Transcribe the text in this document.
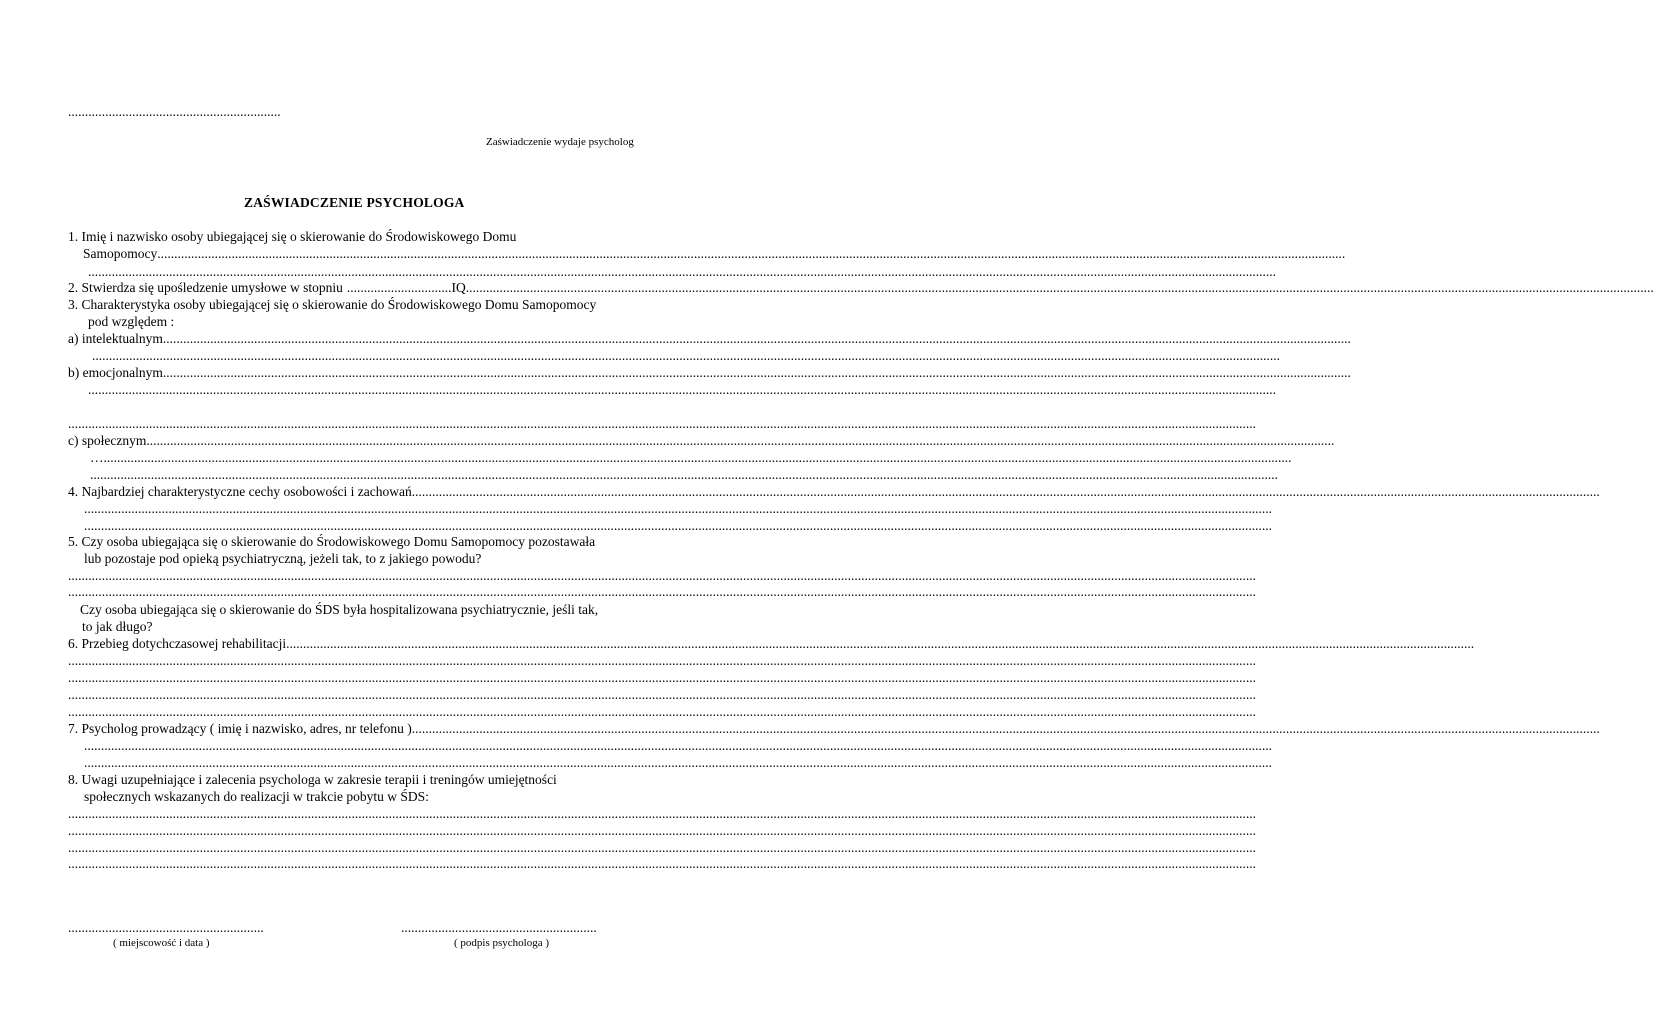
...............................................................
Zaświadczenie wydaje psycholog
ZAŚWIADCZENIE PSYCHOLOGA
1. Imię i nazwisko osoby ubiegającej się o skierowanie do Środowiskowego Domu
Samopomocy ................................................................................................................................................................................................................................................................................................................................................................
................................................................................................................................................................................................................................................................................................................................................................
2. Stwierdza się upośledzenie umysłowe w stopniu ............................... IQ ................................................................................................................................................................................................................................................................................................................................................................
3. Charakterystyka osoby ubiegającej się o skierowanie do Środowiskowego Domu Samopomocy
pod względem :
a) intelektualnym ................................................................................................................................................................................................................................................................................................................................................................
................................................................................................................................................................................................................................................................................................................................................................
b) emocjonalnym ................................................................................................................................................................................................................................................................................................................................................................
................................................................................................................................................................................................................................................................................................................................................................
................................................................................................................................................................................................................................................................................................................................................................
c) społecznym ................................................................................................................................................................................................................................................................................................................................................................
… ................................................................................................................................................................................................................................................................................................................................................................
................................................................................................................................................................................................................................................................................................................................................................
4. Najbardziej charakterystyczne cechy osobowości i zachowań ................................................................................................................................................................................................................................................................................................................................................................
................................................................................................................................................................................................................................................................................................................................................................
................................................................................................................................................................................................................................................................................................................................................................
5. Czy osoba ubiegająca się o skierowanie do Środowiskowego Domu Samopomocy pozostawała
lub pozostaje pod opieką psychiatryczną, jeżeli tak, to z jakiego powodu?
................................................................................................................................................................................................................................................................................................................................................................
................................................................................................................................................................................................................................................................................................................................................................
Czy osoba ubiegająca się o skierowanie do ŚDS była hospitalizowana psychiatrycznie, jeśli tak,
to jak długo?
6. Przebieg dotychczasowej rehabilitacji ................................................................................................................................................................................................................................................................................................................................................................
................................................................................................................................................................................................................................................................................................................................................................
................................................................................................................................................................................................................................................................................................................................................................
................................................................................................................................................................................................................................................................................................................................................................
................................................................................................................................................................................................................................................................................................................................................................
7. Psycholog prowadzący ( imię i nazwisko, adres, nr telefonu ) ................................................................................................................................................................................................................................................................................................................................................................
................................................................................................................................................................................................................................................................................................................................................................
................................................................................................................................................................................................................................................................................................................................................................
8. Uwagi uzupełniające i zalecenia psychologa w zakresie terapii i treningów umiejętności
społecznych wskazanych do realizacji w trakcie pobytu w ŚDS:
................................................................................................................................................................................................................................................................................................................................................................
................................................................................................................................................................................................................................................................................................................................................................
................................................................................................................................................................................................................................................................................................................................................................
................................................................................................................................................................................................................................................................................................................................................................
..........................................................
( miejscowość i data )
..........................................................
( podpis psychologa )
